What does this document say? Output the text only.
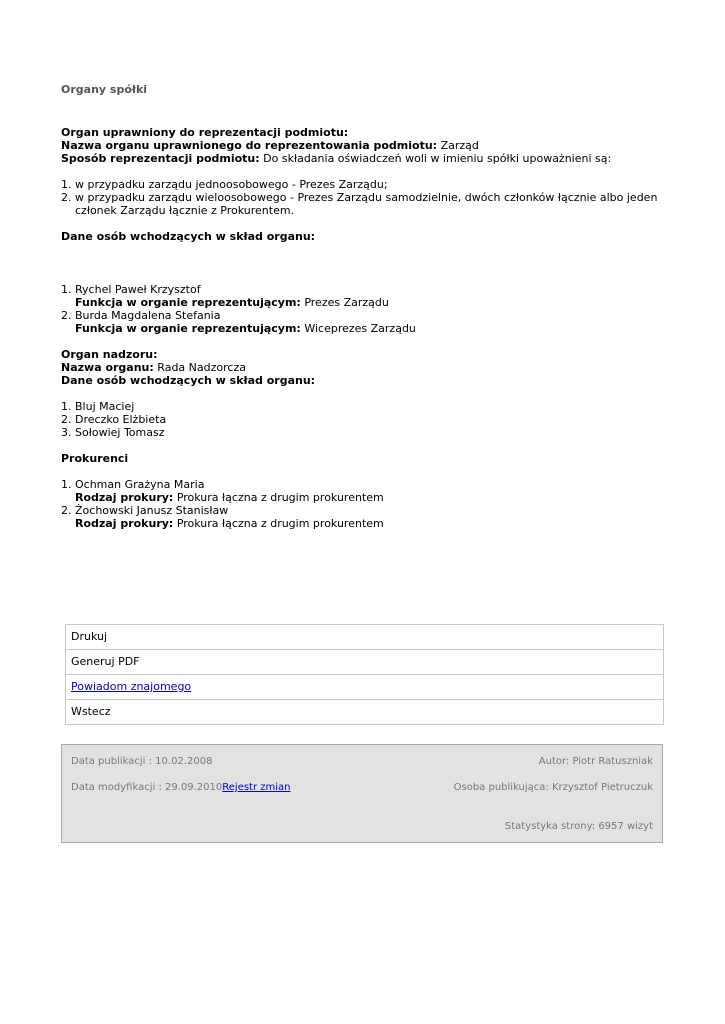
Organy spółki
Organ uprawniony do reprezentacji podmiotu:
Nazwa organu uprawnionego do reprezentowania podmiotu: Zarząd
Sposób reprezentacji podmiotu: Do składania oświadczeń woli w imieniu spółki upoważnieni są:
1. w przypadku zarządu jednoosobowego - Prezes Zarządu;
2. w przypadku zarządu wieloosobowego - Prezes Zarządu samodzielnie, dwóch członków łącznie albo jeden członek Zarządu łącznie z Prokurentem.
Dane osób wchodzących w skład organu:
1. Rychel Paweł Krzysztof
Funkcja w organie reprezentującym: Prezes Zarządu
2. Burda Magdalena Stefania
Funkcja w organie reprezentującym: Wiceprezes Zarządu
Organ nadzoru:
Nazwa organu: Rada Nadzorcza
Dane osób wchodzących w skład organu:
1. Bluj Maciej
2. Dreczko Elżbieta
3. Sołowiej Tomasz
Prokurenci
1. Ochman Grażyna Maria
Rodzaj prokury: Prokura łączna z drugim prokurentem
2. Żochowski Janusz Stanisław
Rodzaj prokury: Prokura łączna z drugim prokurentem
Drukuj
Generuj PDF
Powiadom znajomego
Wstecz
Data publikacji : 10.02.2008	Autor: Piotr Ratuszniak
Data modyfikacji : 29.09.2010Rejestr zmian	Osoba publikująca: Krzysztof Pietruczuk
Statystyka strony: 6957 wizyt
